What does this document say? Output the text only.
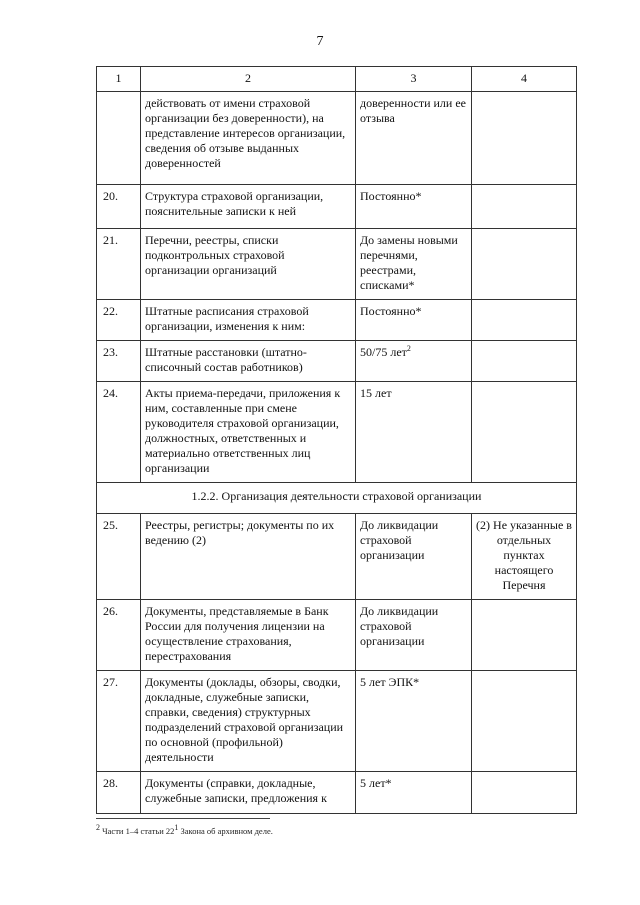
7
1	2	3	4
	действовать от имени страховой организации без доверенности), на представление интересов организации, сведения об отзыве выданных доверенностей	доверенности или ее отзыва	
20.	Структура страховой организации, пояснительные записки к ней	Постоянно*	
21.	Перечни, реестры, списки подконтрольных страховой организации организаций	До замены новыми перечнями, реестрами, списками*	
22.	Штатные расписания страховой организации, изменения к ним:	Постоянно*	
23.	Штатные расстановки (штатно-списочный состав работников)	50/75 лет$^2$	
24.	Акты приема-передачи, приложения к ним, составленные при смене руководителя страховой организации, должностных, ответственных и материально ответственных лиц организации	15 лет	
1.2.2. Организация деятельности страховой организации			
25.	Реестры, регистры; документы по их ведению (2)	До ликвидации страховой организации	(2) Не указанные в отдельных пунктах настоящего Перечня
26.	Документы, представляемые в Банк России для получения лицензии на осуществление страхования, перестрахования	До ликвидации страховой организации	
27.	Документы (доклады, обзоры, сводки, докладные, служебные записки, справки, сведения) структурных подразделений страховой организации по основной (профильной) деятельности	5 лет ЭПК*	
28.	Документы (справки, докладные, служебные записки, предложения к	5 лет*	
$^2$ Части 1–4 статьи $22^1$ Закона об архивном деле.
